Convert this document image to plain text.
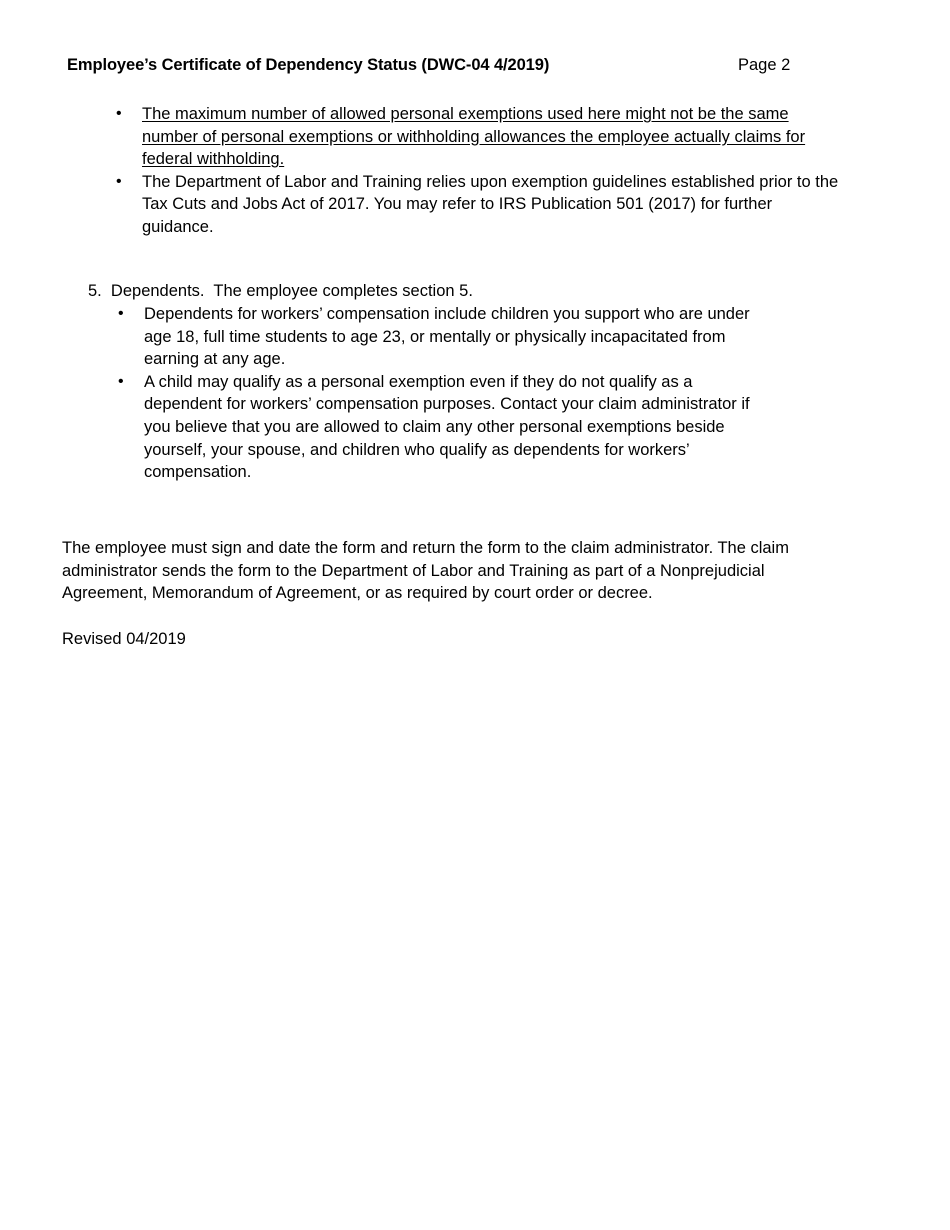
Employee’s Certificate of Dependency Status (DWC-04 4/2019)	Page 2
• The maximum number of allowed personal exemptions used here might not be the same number of personal exemptions or withholding allowances the employee actually claims for federal withholding.
• The Department of Labor and Training relies upon exemption guidelines established prior to the Tax Cuts and Jobs Act of 2017. You may refer to IRS Publication 501 (2017) for further guidance.
5.  Dependents.  The employee completes section 5.
• Dependents for workers’ compensation include children you support who are under age 18, full time students to age 23, or mentally or physically incapacitated from earning at any age.
• A child may qualify as a personal exemption even if they do not qualify as a dependent for workers’ compensation purposes. Contact your claim administrator if you believe that you are allowed to claim any other personal exemptions beside yourself, your spouse, and children who qualify as dependents for workers’ compensation.

The employee must sign and date the form and return the form to the claim administrator. The claim administrator sends the form to the Department of Labor and Training as part of a Nonprejudicial Agreement, Memorandum of Agreement, or as required by court order or decree.

Revised 04/2019
